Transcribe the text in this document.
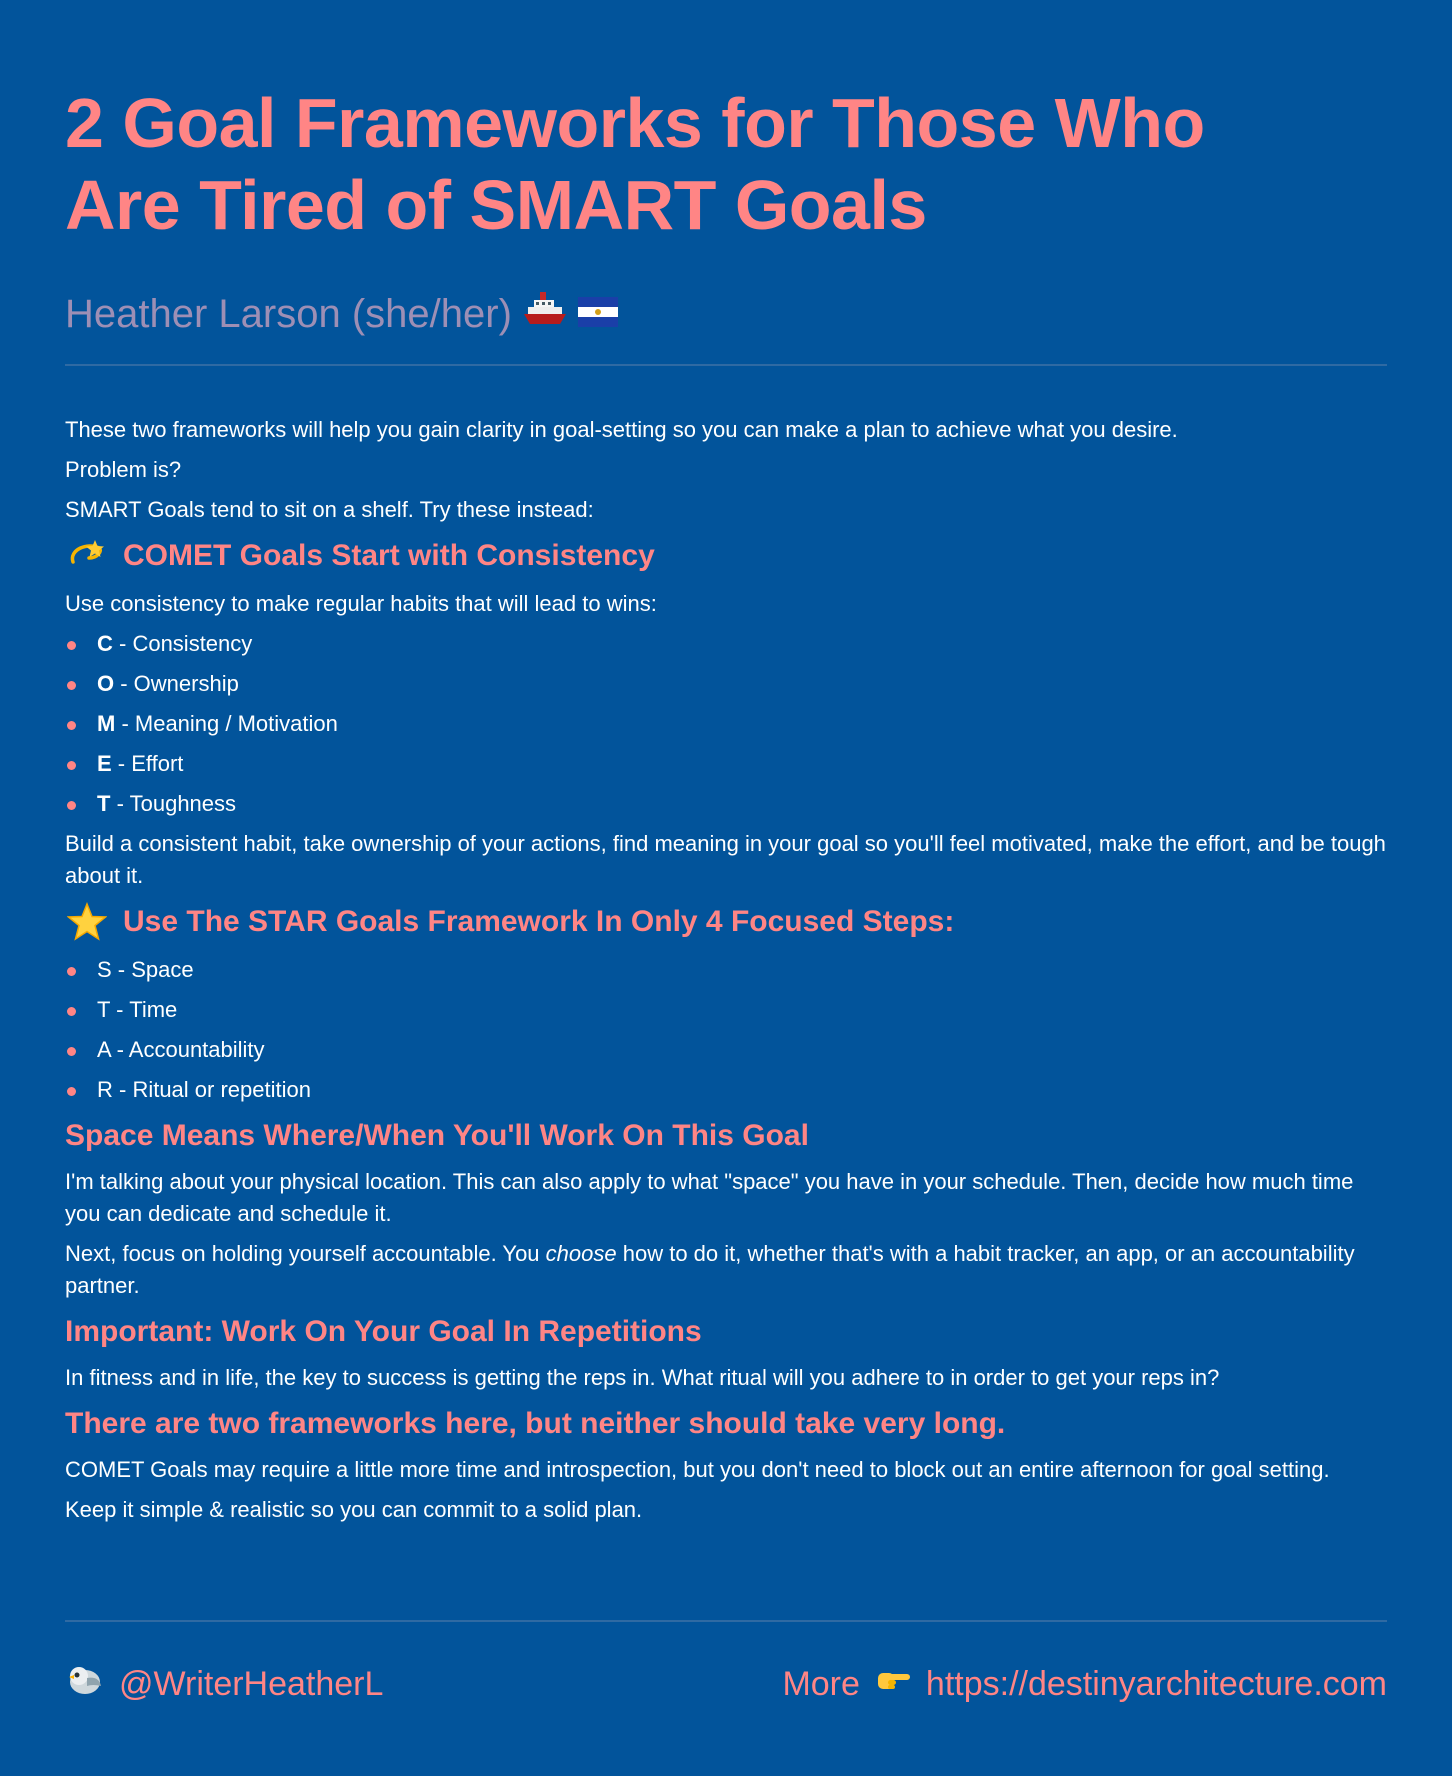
2 Goal Frameworks for Those Who
Are Tired of SMART Goals
Heather Larson (she/her)

These two frameworks will help you gain clarity in goal-setting so you can make a plan to achieve what you desire.

Problem is?

SMART Goals tend to sit on a shelf. Try these instead:

COMET Goals Start with Consistency

Use consistency to make regular habits that will lead to wins:

C - Consistency
O - Ownership
M - Meaning / Motivation
E - Effort
T - Toughness

Build a consistent habit, take ownership of your actions, find meaning in your goal so you'll feel motivated, make the effort, and be tough about it.

Use The STAR Goals Framework In Only 4 Focused Steps:
S - Space
T - Time
A - Accountability
R - Ritual or repetition
Space Means Where/When You'll Work On This Goal

I'm talking about your physical location. This can also apply to what "space" you have in your schedule. Then, decide how much time you can dedicate and schedule it.

Next, focus on holding yourself accountable. You choose how to do it, whether that's with a habit tracker, an app, or an accountability partner.

Important: Work On Your Goal In Repetitions

In fitness and in life, the key to success is getting the reps in. What ritual will you adhere to in order to get your reps in?

There are two frameworks here, but neither should take very long.

COMET Goals may require a little more time and introspection, but you don't need to block out an entire afternoon for goal setting.

Keep it simple & realistic so you can commit to a solid plan.

@WriterHeatherL	More https://destinyarchitecture.com
